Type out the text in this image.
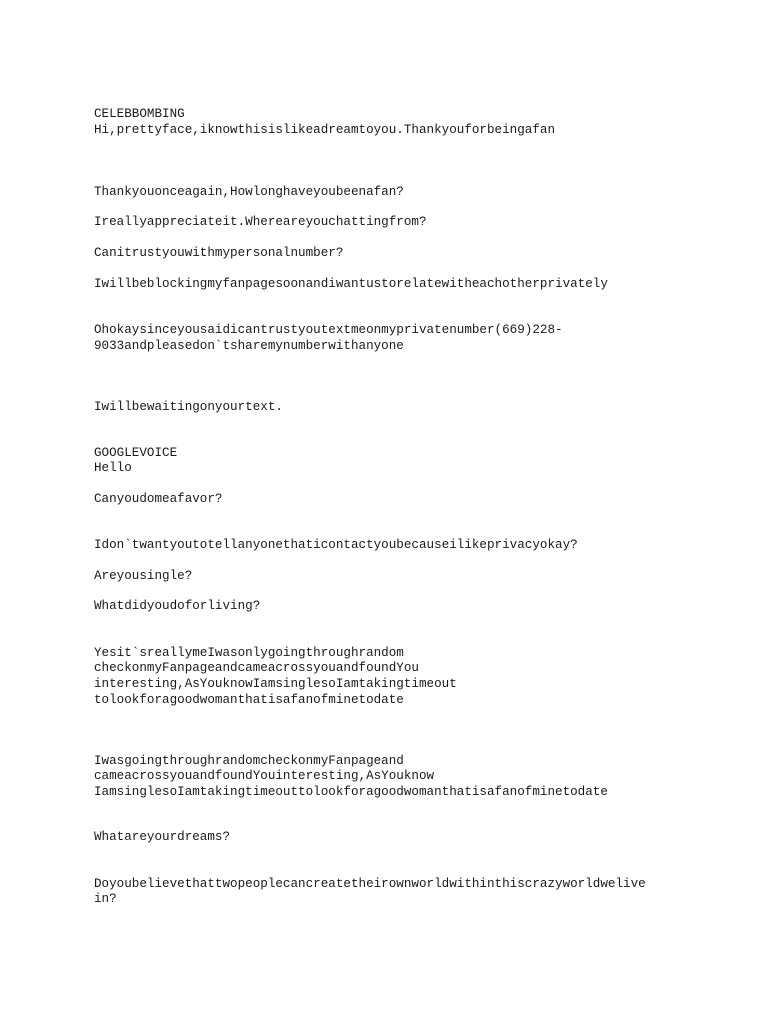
CELEBBOMBING

Hi,prettyface,iknowthisislikeadreamtoyou.Thankyouforbeingafan

Thankyouonceagain,Howlonghaveyoubeenafan?

Ireallyappreciateit.Whereareyouchattingfrom?

Canitrustyouwithmypersonalnumber?

Iwillbeblockingmyfanpagesoonandiwantustorelatewitheachotherprivately

Ohokaysinceyousaidicantrustyoutextmeonmyprivatenumber(669)228-

9033andpleasedon`tsharemynumberwithanyone

Iwillbewaitingonyourtext.

GOOGLEVOICE

Hello

Canyoudomeafavor?

Idon`twantyoutotellanyonethaticontactyoubecauseilikeprivacyokay?

Areyousingle?

Whatdidyoudoforliving?

Yesit`sreallymeIwasonlygoingthroughrandom

checkonmyFanpageandcameacrossyouandfoundYou

interesting,AsYouknowIamsinglesoIamtakingtimeout

tolookforagoodwomanthatisafanofminetodate

IwasgoingthroughrandomcheckonmyFanpageand

cameacrossyouandfoundYouinteresting,AsYouknow

IamsinglesoIamtakingtimeouttolookforagoodwomanthatisafanofminetodate

Whatareyourdreams?

Doyoubelievethattwopeoplecancreatetheirownworldwithinthiscrazyworldwelive

in?
